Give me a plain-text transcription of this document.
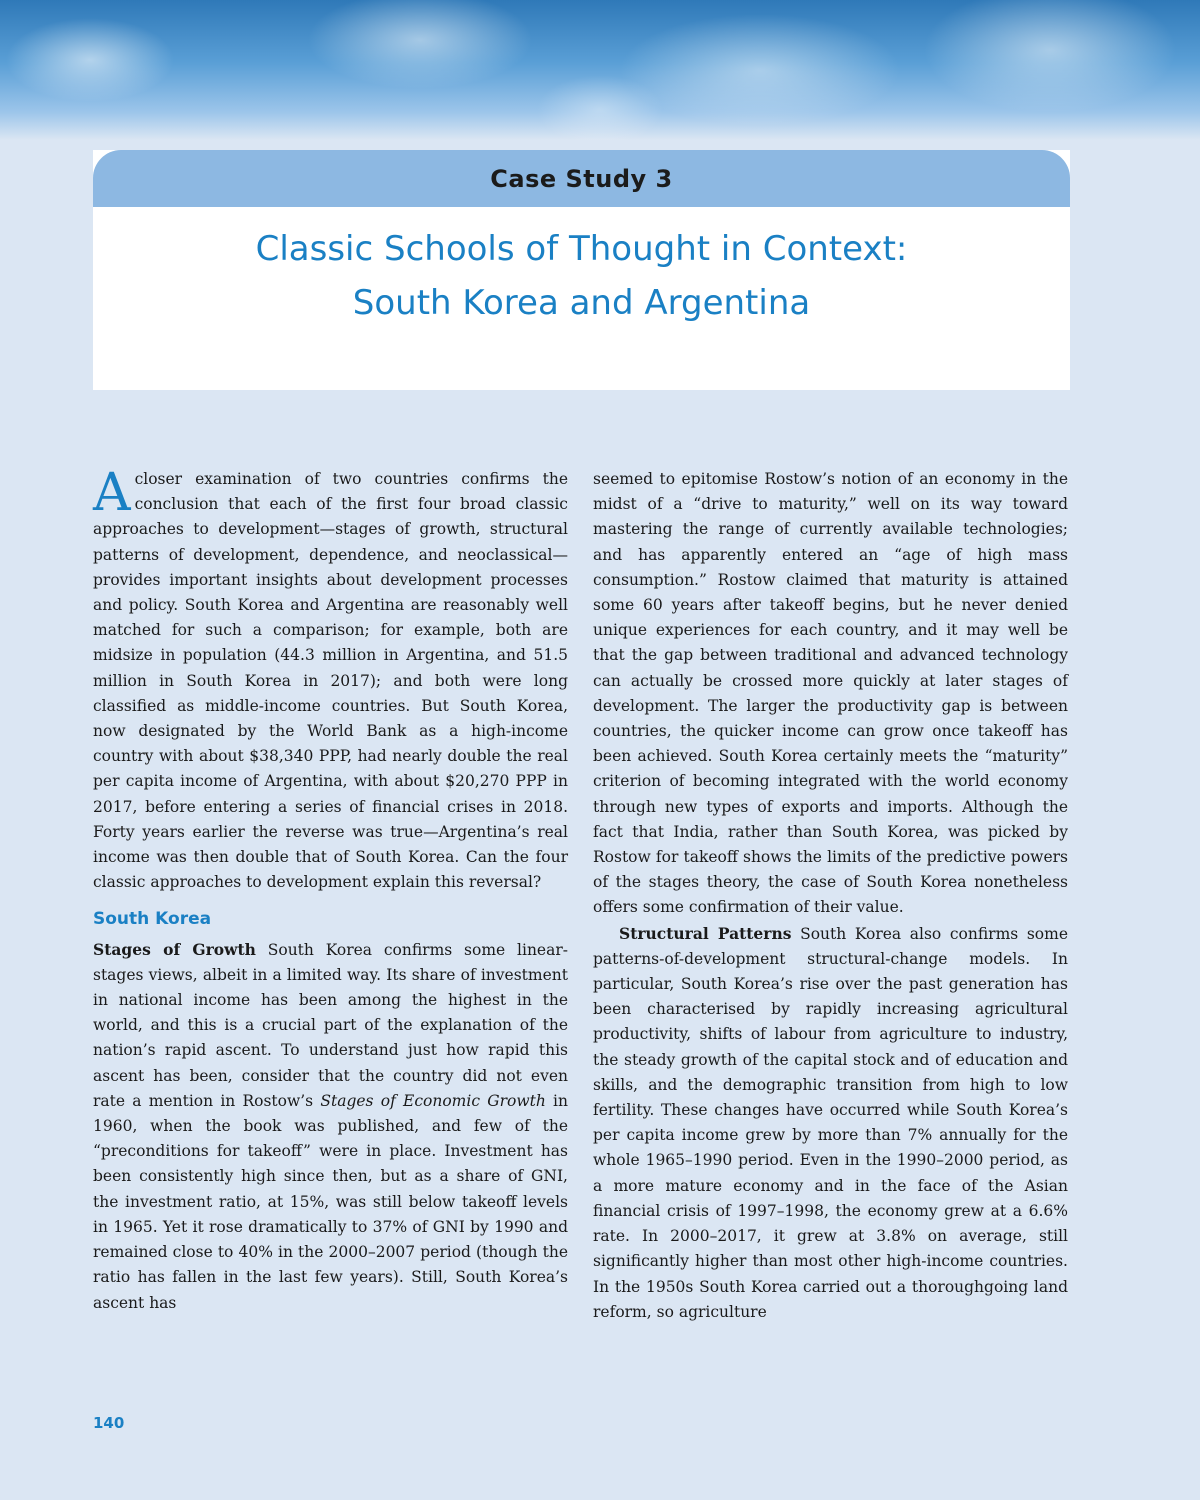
Case Study 3
Classic Schools of Thought in Context:
South Korea and Argentina

Acloser examination of two countries confirms the conclusion that each of the first four broad classic approaches to development—stages of growth, structural patterns of development, dependence, and neoclassical—provides important insights about development processes and policy. South Korea and Argentina are reasonably well matched for such a comparison; for example, both are midsize in population (44.3 million in Argentina, and 51.5 million in South Korea in 2017); and both were long classified as middle-income countries. But South Korea, now designated by the World Bank as a high-income country with about $38,340 PPP, had nearly double the real per capita income of Argentina, with about $20,270 PPP in 2017, before entering a series of financial crises in 2018. Forty years earlier the reverse was true—Argentina’s real income was then double that of South Korea. Can the four classic approaches to development explain this reversal?

South Korea

Stages of Growth South Korea confirms some linear-stages views, albeit in a limited way. Its share of investment in national income has been among the highest in the world, and this is a crucial part of the explanation of the nation’s rapid ascent. To understand just how rapid this ascent has been, consider that the country did not even rate a mention in Rostow’s Stages of Economic Growth in 1960, when the book was published, and few of the “preconditions for takeoff” were in place. Investment has been consistently high since then, but as a share of GNI, the investment ratio, at 15%, was still below takeoff levels in 1965. Yet it rose dramatically to 37% of GNI by 1990 and remained close to 40% in the 2000–2007 period (though the ratio has fallen in the last few years). Still, South Korea’s ascent has

seemed to epitomise Rostow’s notion of an economy in the midst of a “drive to maturity,” well on its way toward mastering the range of currently available technologies; and has apparently entered an “age of high mass consumption.” Rostow claimed that maturity is attained some 60 years after takeoff begins, but he never denied unique experiences for each country, and it may well be that the gap between traditional and advanced technology can actually be crossed more quickly at later stages of development. The larger the productivity gap is between countries, the quicker income can grow once takeoff has been achieved. South Korea certainly meets the “maturity” criterion of becoming integrated with the world economy through new types of exports and imports. Although the fact that India, rather than South Korea, was picked by Rostow for takeoff shows the limits of the predictive powers of the stages theory, the case of South Korea nonetheless offers some confirmation of their value.

Structural Patterns South Korea also confirms some patterns-of-development structural-change models. In particular, South Korea’s rise over the past generation has been characterised by rapidly increasing agricultural productivity, shifts of labour from agriculture to industry, the steady growth of the capital stock and of education and skills, and the demographic transition from high to low fertility. These changes have occurred while South Korea’s per capita income grew by more than 7% annually for the whole 1965–1990 period. Even in the 1990–2000 period, as a more mature economy and in the face of the Asian financial crisis of 1997–1998, the economy grew at a 6.6% rate. In 2000–2017, it grew at 3.8% on average, still significantly higher than most other high-income countries. In the 1950s South Korea carried out a thoroughgoing land reform, so agriculture

140
